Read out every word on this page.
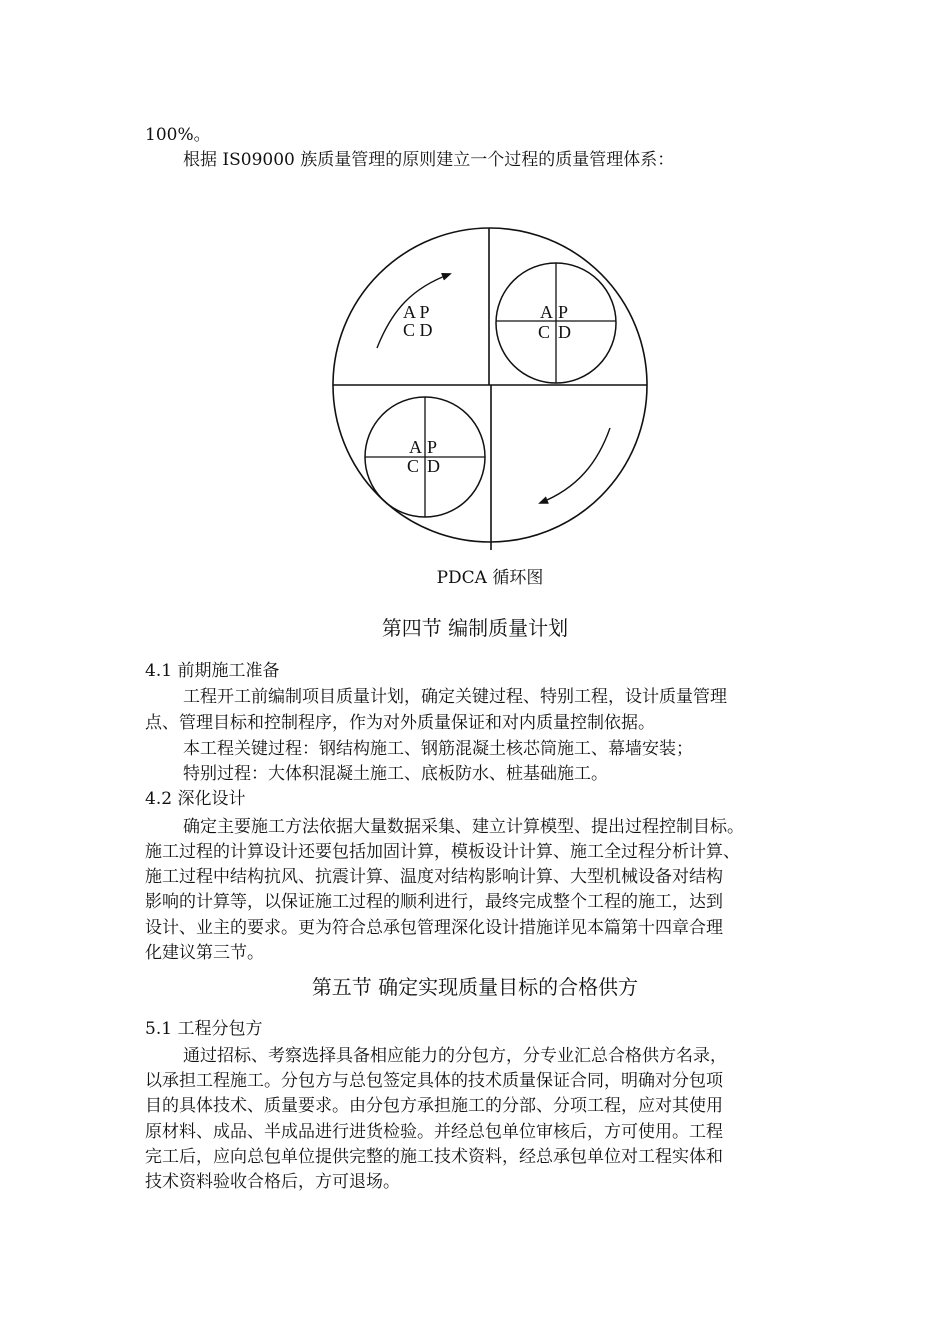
100%。
根据 IS09000 族质量管理的原则建立一个过程的质量管理体系：
A P
C D
A P
C D
A P
C D
PDCA 循环图
第四节 编制质量计划
4.1 前期施工准备
工程开工前编制项目质量计划，确定关键过程、特别工程，设计质量管理
点、管理目标和控制程序，作为对外质量保证和对内质量控制依据。
本工程关键过程：钢结构施工、钢筋混凝土核芯筒施工、幕墙安装；
特别过程：大体积混凝土施工、底板防水、桩基础施工。
4.2 深化设计
确定主要施工方法依据大量数据采集、建立计算模型、提出过程控制目标。
施工过程的计算设计还要包括加固计算，模板设计计算、施工全过程分析计算、
施工过程中结构抗风、抗震计算、温度对结构影响计算、大型机械设备对结构
影响的计算等，以保证施工过程的顺利进行，最终完成整个工程的施工，达到
设计、业主的要求。更为符合总承包管理深化设计措施详见本篇第十四章合理
化建议第三节。
第五节 确定实现质量目标的合格供方
5.1 工程分包方
通过招标、考察选择具备相应能力的分包方，分专业汇总合格供方名录，
以承担工程施工。分包方与总包签定具体的技术质量保证合同，明确对分包项
目的具体技术、质量要求。由分包方承担施工的分部、分项工程，应对其使用
原材料、成品、半成品进行进货检验。并经总包单位审核后，方可使用。工程
完工后，应向总包单位提供完整的施工技术资料，经总承包单位对工程实体和
技术资料验收合格后，方可退场。
